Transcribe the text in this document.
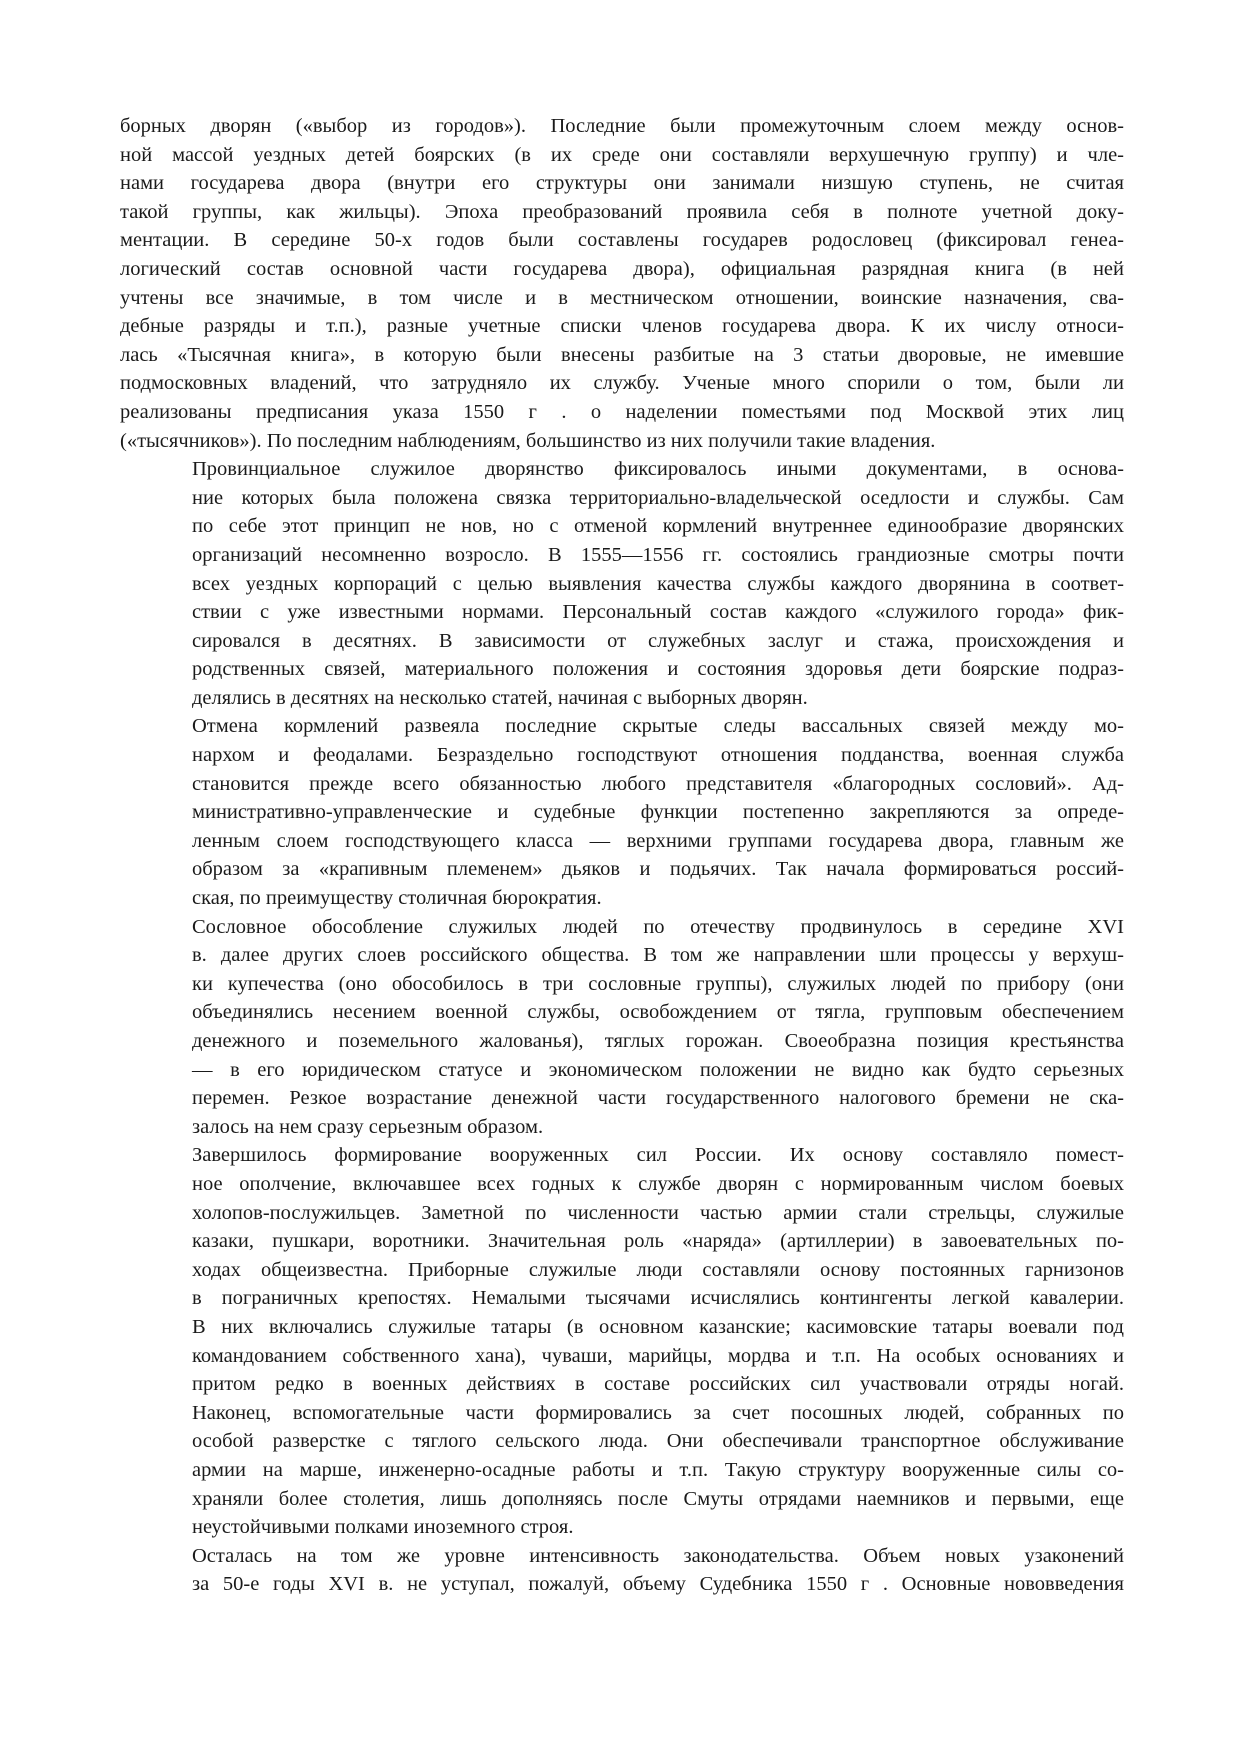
борных дворян («выбор из городов»). Последние были промежуточным слоем между основ-
ной массой уездных детей боярских (в их среде они составляли верхушечную группу) и чле-
нами государева двора (внутри его структуры они занимали низшую ступень, не считая
такой группы, как жильцы). Эпоха преобразований проявила себя в полноте учетной доку-
ментации. В середине 50-х годов были составлены государев родословец (фиксировал генеа-
логический состав основной части государева двора), официальная разрядная книга (в ней
учтены все значимые, в том числе и в местническом отношении, воинские назначения, сва-
дебные разряды и т.п.), разные учетные списки членов государева двора. К их числу относи-
лась «Тысячная книга», в которую были внесены разбитые на 3 статьи дворовые, не имевшие
подмосковных владений, что затрудняло их службу. Ученые много спорили о том, были ли
реализованы предписания указа 1550 г . о наделении поместьями под Москвой этих лиц
(«тысячников»). По последним наблюдениям, большинство из них получили такие владения.
Провинциальное служилое дворянство фиксировалось иными документами, в основа-
ние которых была положена связка территориально-владельческой оседлости и службы. Сам
по себе этот принцип не нов, но с отменой кормлений внутреннее единообразие дворянских
организаций несомненно возросло. В 1555—1556 гг. состоялись грандиозные смотры почти
всех уездных корпораций с целью выявления качества службы каждого дворянина в соответ-
ствии с уже известными нормами. Персональный состав каждого «служилого города» фик-
сировался в десятнях. В зависимости от служебных заслуг и стажа, происхождения и
родственных связей, материального положения и состояния здоровья дети боярские подраз-
делялись в десятнях на несколько статей, начиная с выборных дворян.
Отмена кормлений развеяла последние скрытые следы вассальных связей между мо-
нархом и феодалами. Безраздельно господствуют отношения подданства, военная служба
становится прежде всего обязанностью любого представителя «благородных сословий». Ад-
министративно-управленческие и судебные функции постепенно закрепляются за опреде-
ленным слоем господствующего класса — верхними группами государева двора, главным же
образом за «крапивным племенем» дьяков и подьячих. Так начала формироваться россий-
ская, по преимуществу столичная бюрократия.
Сословное обособление служилых людей по отечеству продвинулось в середине XVI
в. далее других слоев российского общества. В том же направлении шли процессы у верхуш-
ки купечества (оно обособилось в три сословные группы), служилых людей по прибору (они
объединялись несением военной службы, освобождением от тягла, групповым обеспечением
денежного и поземельного жалованья), тяглых горожан. Своеобразна позиция крестьянства
— в его юридическом статусе и экономическом положении не видно как будто серьезных
перемен. Резкое возрастание денежной части государственного налогового бремени не ска-
залось на нем сразу серьезным образом.
Завершилось формирование вооруженных сил России. Их основу составляло помест-
ное ополчение, включавшее всех годных к службе дворян с нормированным числом боевых
холопов-послужильцев. Заметной по численности частью армии стали стрельцы, служилые
казаки, пушкари, воротники. Значительная роль «наряда» (артиллерии) в завоевательных по-
ходах общеизвестна. Приборные служилые люди составляли основу постоянных гарнизонов
в пограничных крепостях. Немалыми тысячами исчислялись контингенты легкой кавалерии.
В них включались служилые татары (в основном казанские; касимовские татары воевали под
командованием собственного хана), чуваши, марийцы, мордва и т.п. На особых основаниях и
притом редко в военных действиях в составе российских сил участвовали отряды ногай.
Наконец, вспомогательные части формировались за счет посошных людей, собранных по
особой разверстке с тяглого сельского люда. Они обеспечивали транспортное обслуживание
армии на марше, инженерно-осадные работы и т.п. Такую структуру вооруженные силы со-
храняли более столетия, лишь дополняясь после Смуты отрядами наемников и первыми, еще
неустойчивыми полками иноземного строя.
Осталась на том же уровне интенсивность законодательства. Объем новых узаконений
за 50-е годы XVI в. не уступал, пожалуй, объему Судебника 1550 г . Основные нововведения
